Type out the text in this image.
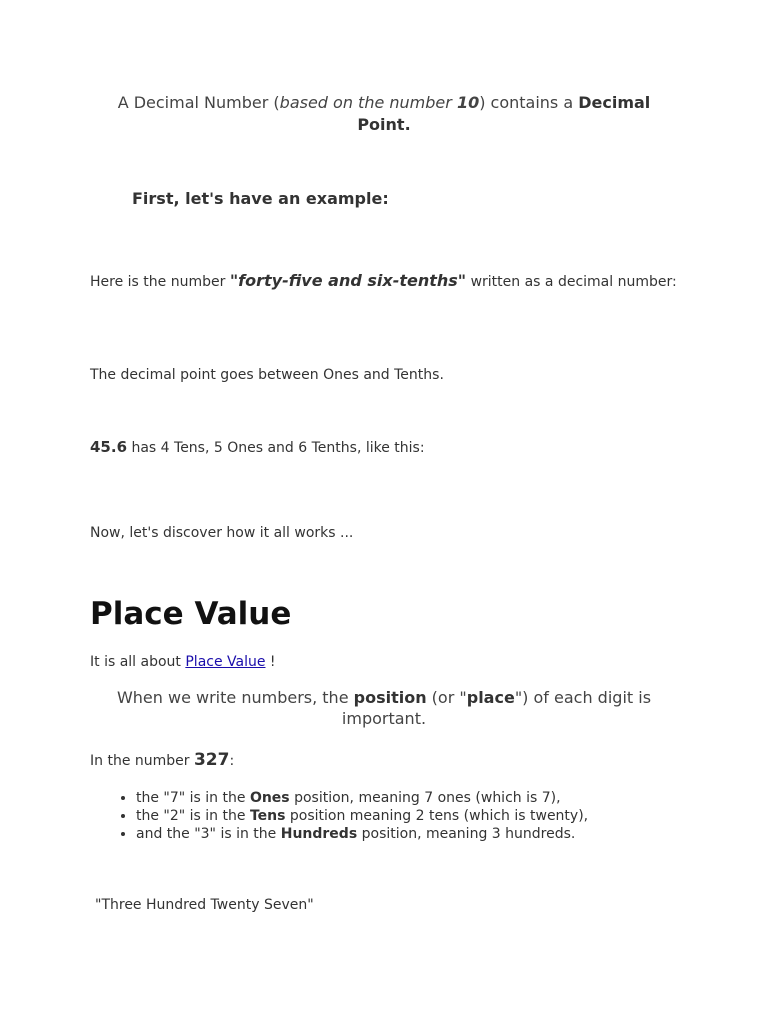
A Decimal Number (based on the number 10) contains a Decimal
Point.
First, let's have an example:
Here is the number "forty-five and six-tenths" written as a decimal number:
The decimal point goes between Ones and Tenths.
45.6 has 4 Tens, 5 Ones and 6 Tenths, like this:
Now, let's discover how it all works ...
Place Value
It is all about Place Value !
When we write numbers, the position (or "place") of each digit is important.
In the number 327:
• the "7" is in the Ones position, meaning 7 ones (which is 7),
• the "2" is in the Tens position meaning 2 tens (which is twenty),
• and the "3" is in the Hundreds position, meaning 3 hundreds.
"Three Hundred Twenty Seven"
